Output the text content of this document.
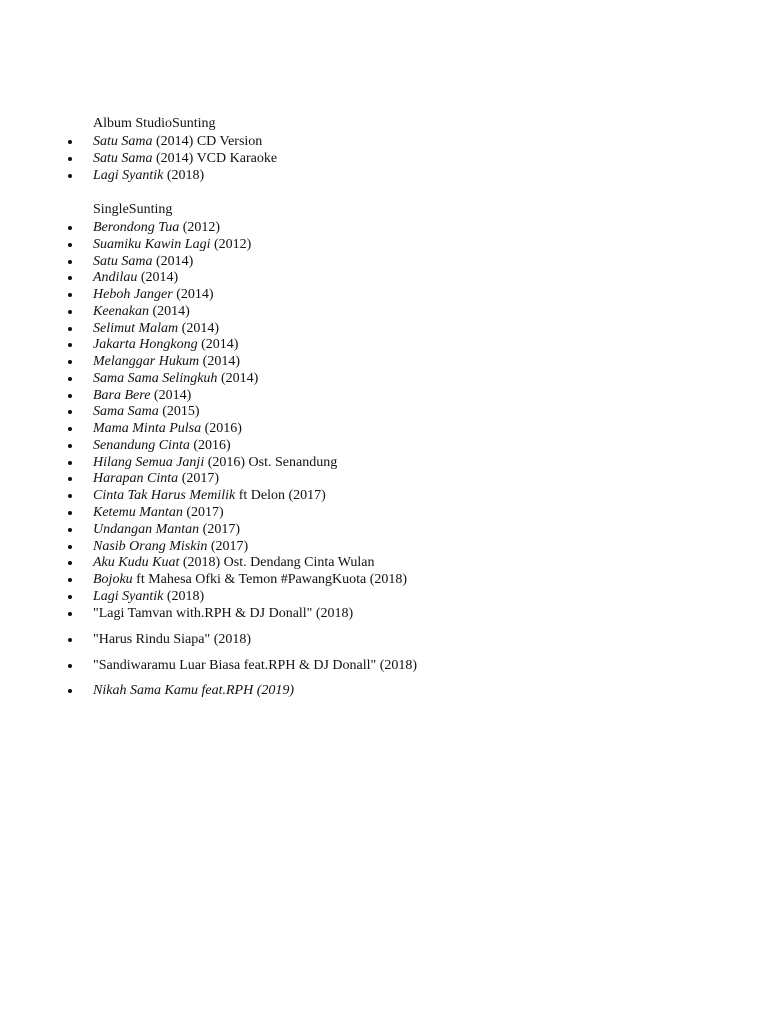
Album StudioSunting
Satu Sama (2014) CD Version
Satu Sama (2014) VCD Karaoke
Lagi Syantik (2018)
SingleSunting
Berondong Tua (2012)
Suamiku Kawin Lagi (2012)
Satu Sama (2014)
Andilau (2014)
Heboh Janger (2014)
Keenakan (2014)
Selimut Malam (2014)
Jakarta Hongkong (2014)
Melanggar Hukum (2014)
Sama Sama Selingkuh (2014)
Bara Bere (2014)
Sama Sama (2015)
Mama Minta Pulsa (2016)
Senandung Cinta (2016)
Hilang Semua Janji (2016) Ost. Senandung
Harapan Cinta (2017)
Cinta Tak Harus Memilik ft Delon (2017)
Ketemu Mantan (2017)
Undangan Mantan (2017)
Nasib Orang Miskin (2017)
Aku Kudu Kuat (2018) Ost. Dendang Cinta Wulan
Bojoku ft Mahesa Ofki & Temon #PawangKuota (2018)
Lagi Syantik (2018)
"Lagi Tamvan with.RPH & DJ Donall" (2018)
"Harus Rindu Siapa" (2018)
"Sandiwaramu Luar Biasa feat.RPH & DJ Donall" (2018)
Nikah Sama Kamu feat.RPH (2019)
